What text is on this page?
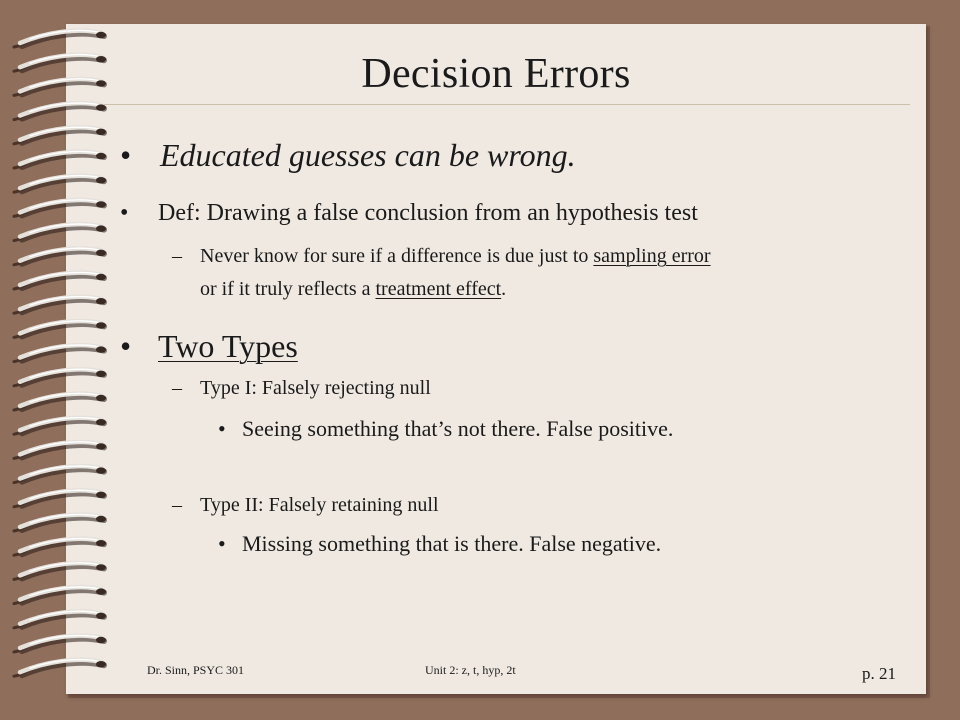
Decision Errors
• Educated guesses can be wrong.
• Def: Drawing a false conclusion from an hypothesis test
– Never know for sure if a difference is due just to sampling error
or if it truly reflects a treatment effect.
• Two Types
– Type I: Falsely rejecting null
• Seeing something that’s not there. False positive.
– Type II: Falsely retaining null
• Missing something that is there. False negative.
Dr. Sinn, PSYC 301	Unit 2: z, t, hyp, 2t	p. 21
